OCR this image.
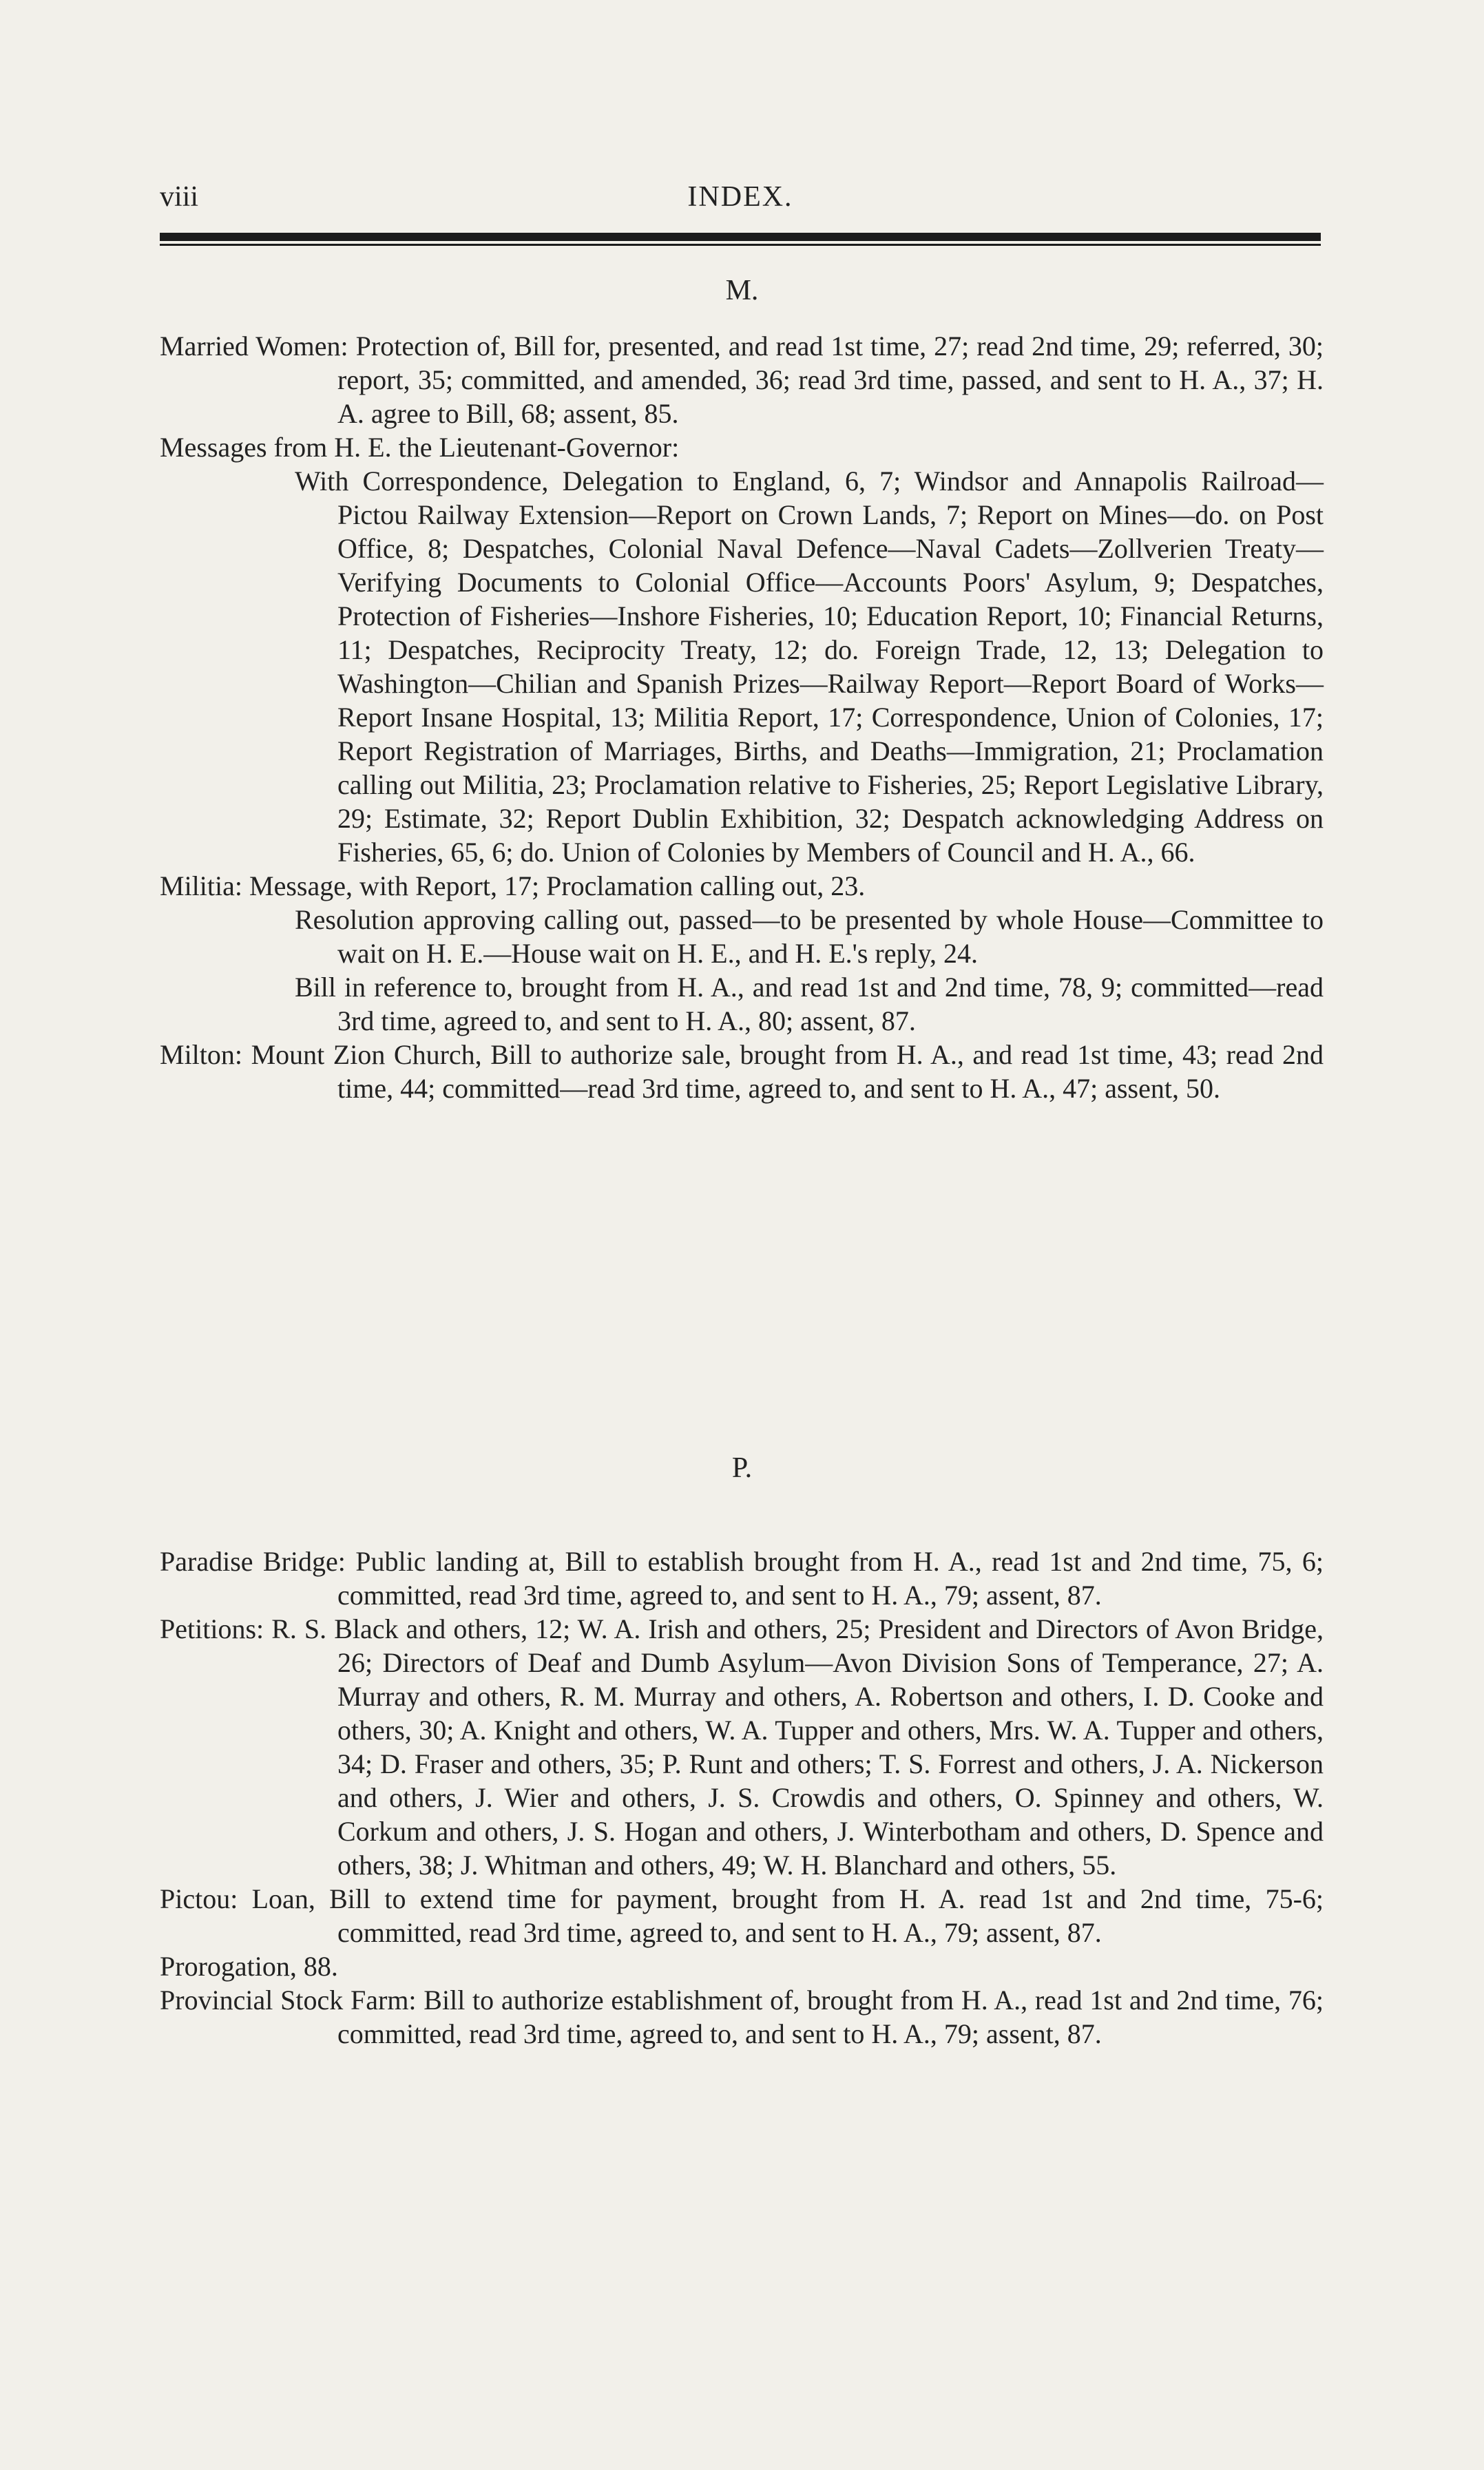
viii	INDEX.
M.

Married Women: Protection of, Bill for, presented, and read 1st time, 27; read 2nd time, 29; referred, 30; report, 35; committed, and amended, 36; read 3rd time, passed, and sent to H. A., 37; H. A. agree to Bill, 68; assent, 85.

Messages from H. E. the Lieutenant-Governor:

With Correspondence, Delegation to England, 6, 7; Windsor and Annapolis Railroad—Pictou Railway Extension—Report on Crown Lands, 7; Report on Mines—do. on Post Office, 8; Despatches, Colonial Naval Defence—Naval Cadets—Zollverien Treaty—Verifying Documents to Colonial Office—Accounts Poors' Asylum, 9; Despatches, Protection of Fisheries—Inshore Fisheries, 10; Education Report, 10; Financial Returns, 11; Despatches, Reciprocity Treaty, 12; do. Foreign Trade, 12, 13; Delegation to Washington—Chilian and Spanish Prizes—Railway Report—Report Board of Works—Report Insane Hospital, 13; Militia Report, 17; Correspondence, Union of Colonies, 17; Report Registration of Marriages, Births, and Deaths—Immigration, 21; Proclamation calling out Militia, 23; Proclamation relative to Fisheries, 25; Report Legislative Library, 29; Estimate, 32; Report Dublin Exhibition, 32; Despatch acknowledging Address on Fisheries, 65, 6; do. Union of Colonies by Members of Council and H. A., 66.

Militia: Message, with Report, 17; Proclamation calling out, 23.

Resolution approving calling out, passed—to be presented by whole House—Committee to wait on H. E.—House wait on H. E., and H. E.'s reply, 24.

Bill in reference to, brought from H. A., and read 1st and 2nd time, 78, 9; committed—read 3rd time, agreed to, and sent to H. A., 80; assent, 87.

Milton: Mount Zion Church, Bill to authorize sale, brought from H. A., and read 1st time, 43; read 2nd time, 44; committed—read 3rd time, agreed to, and sent to H. A., 47; assent, 50.

P.

Paradise Bridge: Public landing at, Bill to establish brought from H. A., read 1st and 2nd time, 75, 6; committed, read 3rd time, agreed to, and sent to H. A., 79; assent, 87.

Petitions: R. S. Black and others, 12; W. A. Irish and others, 25; President and Directors of Avon Bridge, 26; Directors of Deaf and Dumb Asylum—Avon Division Sons of Temperance, 27; A. Murray and others, R. M. Murray and others, A. Robertson and others, I. D. Cooke and others, 30; A. Knight and others, W. A. Tupper and others, Mrs. W. A. Tupper and others, 34; D. Fraser and others, 35; P. Runt and others; T. S. Forrest and others, J. A. Nickerson and others, J. Wier and others, J. S. Crowdis and others, O. Spinney and others, W. Corkum and others, J. S. Hogan and others, J. Winterbotham and others, D. Spence and others, 38; J. Whitman and others, 49; W. H. Blanchard and others, 55.

Pictou: Loan, Bill to extend time for payment, brought from H. A. read 1st and 2nd time, 75-6; committed, read 3rd time, agreed to, and sent to H. A., 79; assent, 87.

Prorogation, 88.

Provincial Stock Farm: Bill to authorize establishment of, brought from H. A., read 1st and 2nd time, 76; committed, read 3rd time, agreed to, and sent to H. A., 79; assent, 87.
